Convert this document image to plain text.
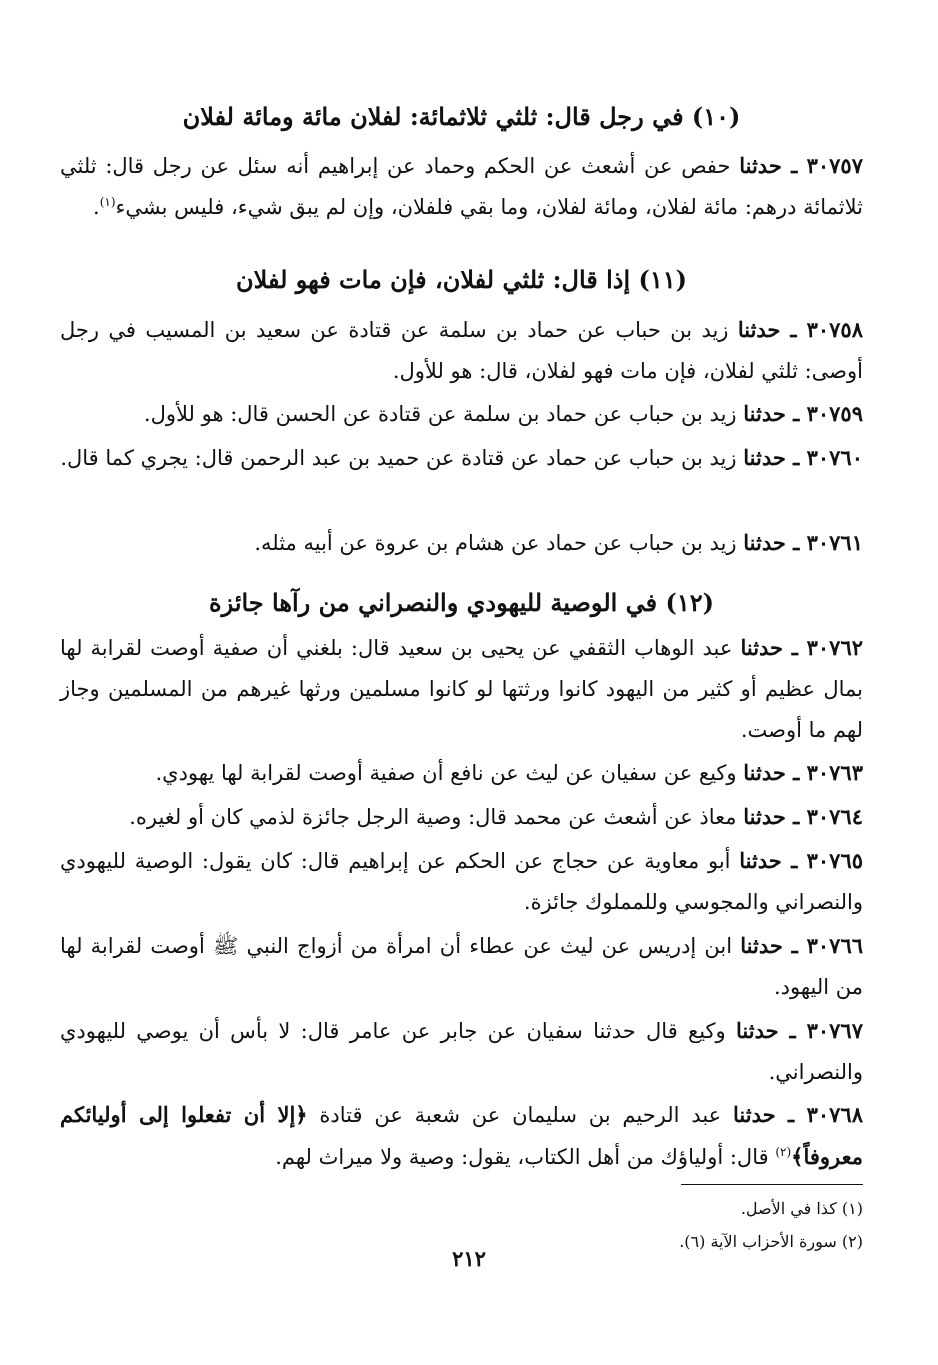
(١٠) في رجل قال: ثلثي ثلاثمائة: لفلان مائة ومائة لفلان
٣٠٧٥٧ ـ حدثنا حفص عن أشعث عن الحكم وحماد عن إبراهيم أنه سئل عن رجل قال: ثلثي ثلاثمائة درهم: مائة لفلان، ومائة لفلان، وما بقي فلفلان، وإن لم يبق شيء، فليس بشيء$^{(١)}$.
(١١) إذا قال: ثلثي لفلان، فإن مات فهو لفلان
٣٠٧٥٨ ـ حدثنا زيد بن حباب عن حماد بن سلمة عن قتادة عن سعيد بن المسيب في رجل أوصى: ثلثي لفلان، فإن مات فهو لفلان، قال: هو للأول.
٣٠٧٥٩ ـ حدثنا زيد بن حباب عن حماد بن سلمة عن قتادة عن الحسن قال: هو للأول.
٣٠٧٦٠ ـ حدثنا زيد بن حباب عن حماد عن قتادة عن حميد بن عبد الرحمن قال: يجري كما قال.
٣٠٧٦١ ـ حدثنا زيد بن حباب عن حماد عن هشام بن عروة عن أبيه مثله.
(١٢) في الوصية لليهودي والنصراني من رآها جائزة
٣٠٧٦٢ ـ حدثنا عبد الوهاب الثقفي عن يحيى بن سعيد قال: بلغني أن صفية أوصت لقرابة لها بمال عظيم أو كثير من اليهود كانوا ورثتها لو كانوا مسلمين ورثها غيرهم من المسلمين وجاز لهم ما أوصت.
٣٠٧٦٣ ـ حدثنا وكيع عن سفيان عن ليث عن نافع أن صفية أوصت لقرابة لها يهودي.
٣٠٧٦٤ ـ حدثنا معاذ عن أشعث عن محمد قال: وصية الرجل جائزة لذمي كان أو لغيره.
٣٠٧٦٥ ـ حدثنا أبو معاوية عن حجاج عن الحكم عن إبراهيم قال: كان يقول: الوصية لليهودي والنصراني والمجوسي وللمملوك جائزة.
٣٠٧٦٦ ـ حدثنا ابن إدريس عن ليث عن عطاء أن امرأة من أزواج النبي ﷺ أوصت لقرابة لها من اليهود.
٣٠٧٦٧ ـ حدثنا وكيع قال حدثنا سفيان عن جابر عن عامر قال: لا بأس أن يوصي لليهودي والنصراني.
٣٠٧٦٨ ـ حدثنا عبد الرحيم بن سليمان عن شعبة عن قتادة ﴿إلا أن تفعلوا إلى أوليائكم معروفاً﴾$^{(٢)}$ قال: أولياؤك من أهل الكتاب، يقول: وصية ولا ميراث لهم.
(١) كذا في الأصل.
(٢) سورة الأحزاب الآية (٦).
٢١٢
